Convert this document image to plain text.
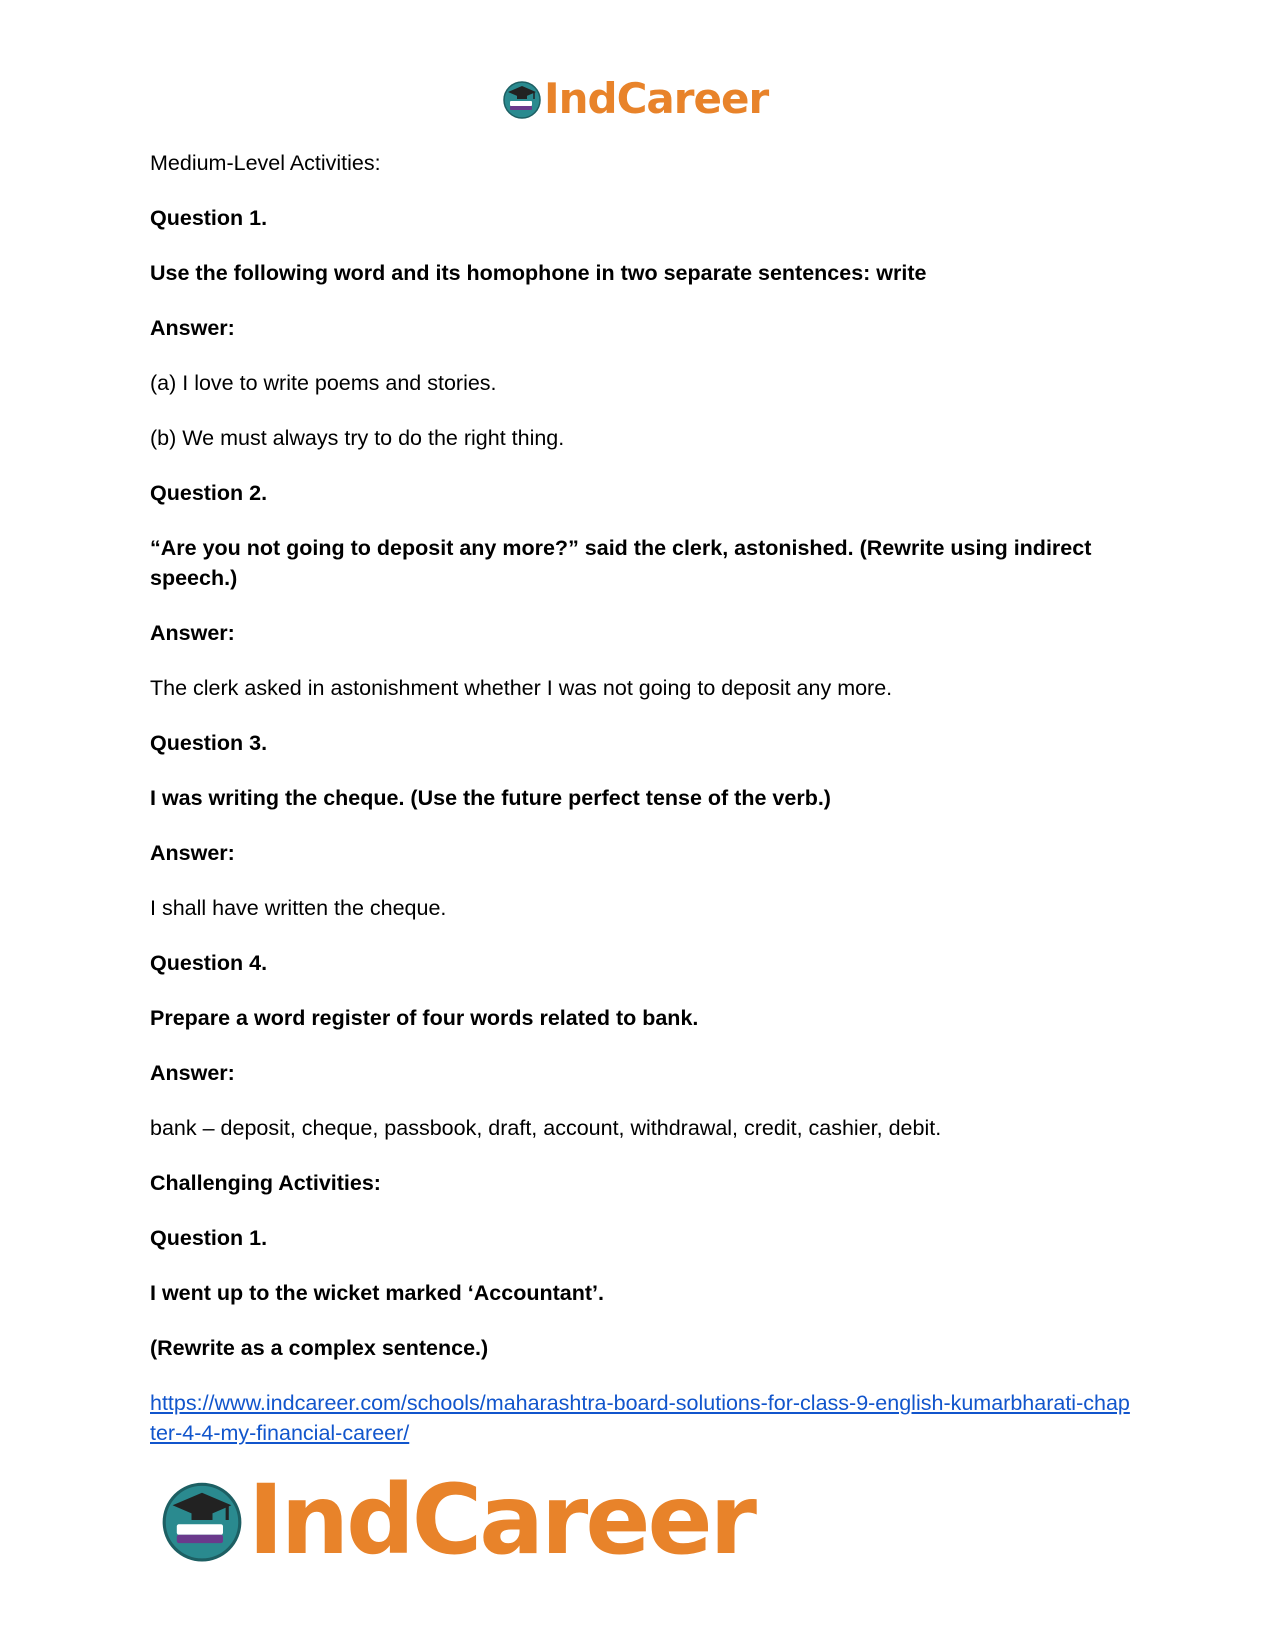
IndCareer

Medium-Level Activities:

Question 1.

Use the following word and its homophone in two separate sentences: write

Answer:

(a) I love to write poems and stories.

(b) We must always try to do the right thing.

Question 2.

“Are you not going to deposit any more?” said the clerk, astonished. (Rewrite using indirect speech.)

Answer:

The clerk asked in astonishment whether I was not going to deposit any more.

Question 3.

I was writing the cheque. (Use the future perfect tense of the verb.)

Answer:

I shall have written the cheque.

Question 4.

Prepare a word register of four words related to bank.

Answer:

bank – deposit, cheque, passbook, draft, account, withdrawal, credit, cashier, debit.

Challenging Activities:

Question 1.

I went up to the wicket marked ‘Accountant’.

(Rewrite as a complex sentence.)

https://www.indcareer.com/schools/maharashtra-board-solutions-for-class-9-english-kumarbharati-chapter-4-4-my-financial-career/
IndCareer
